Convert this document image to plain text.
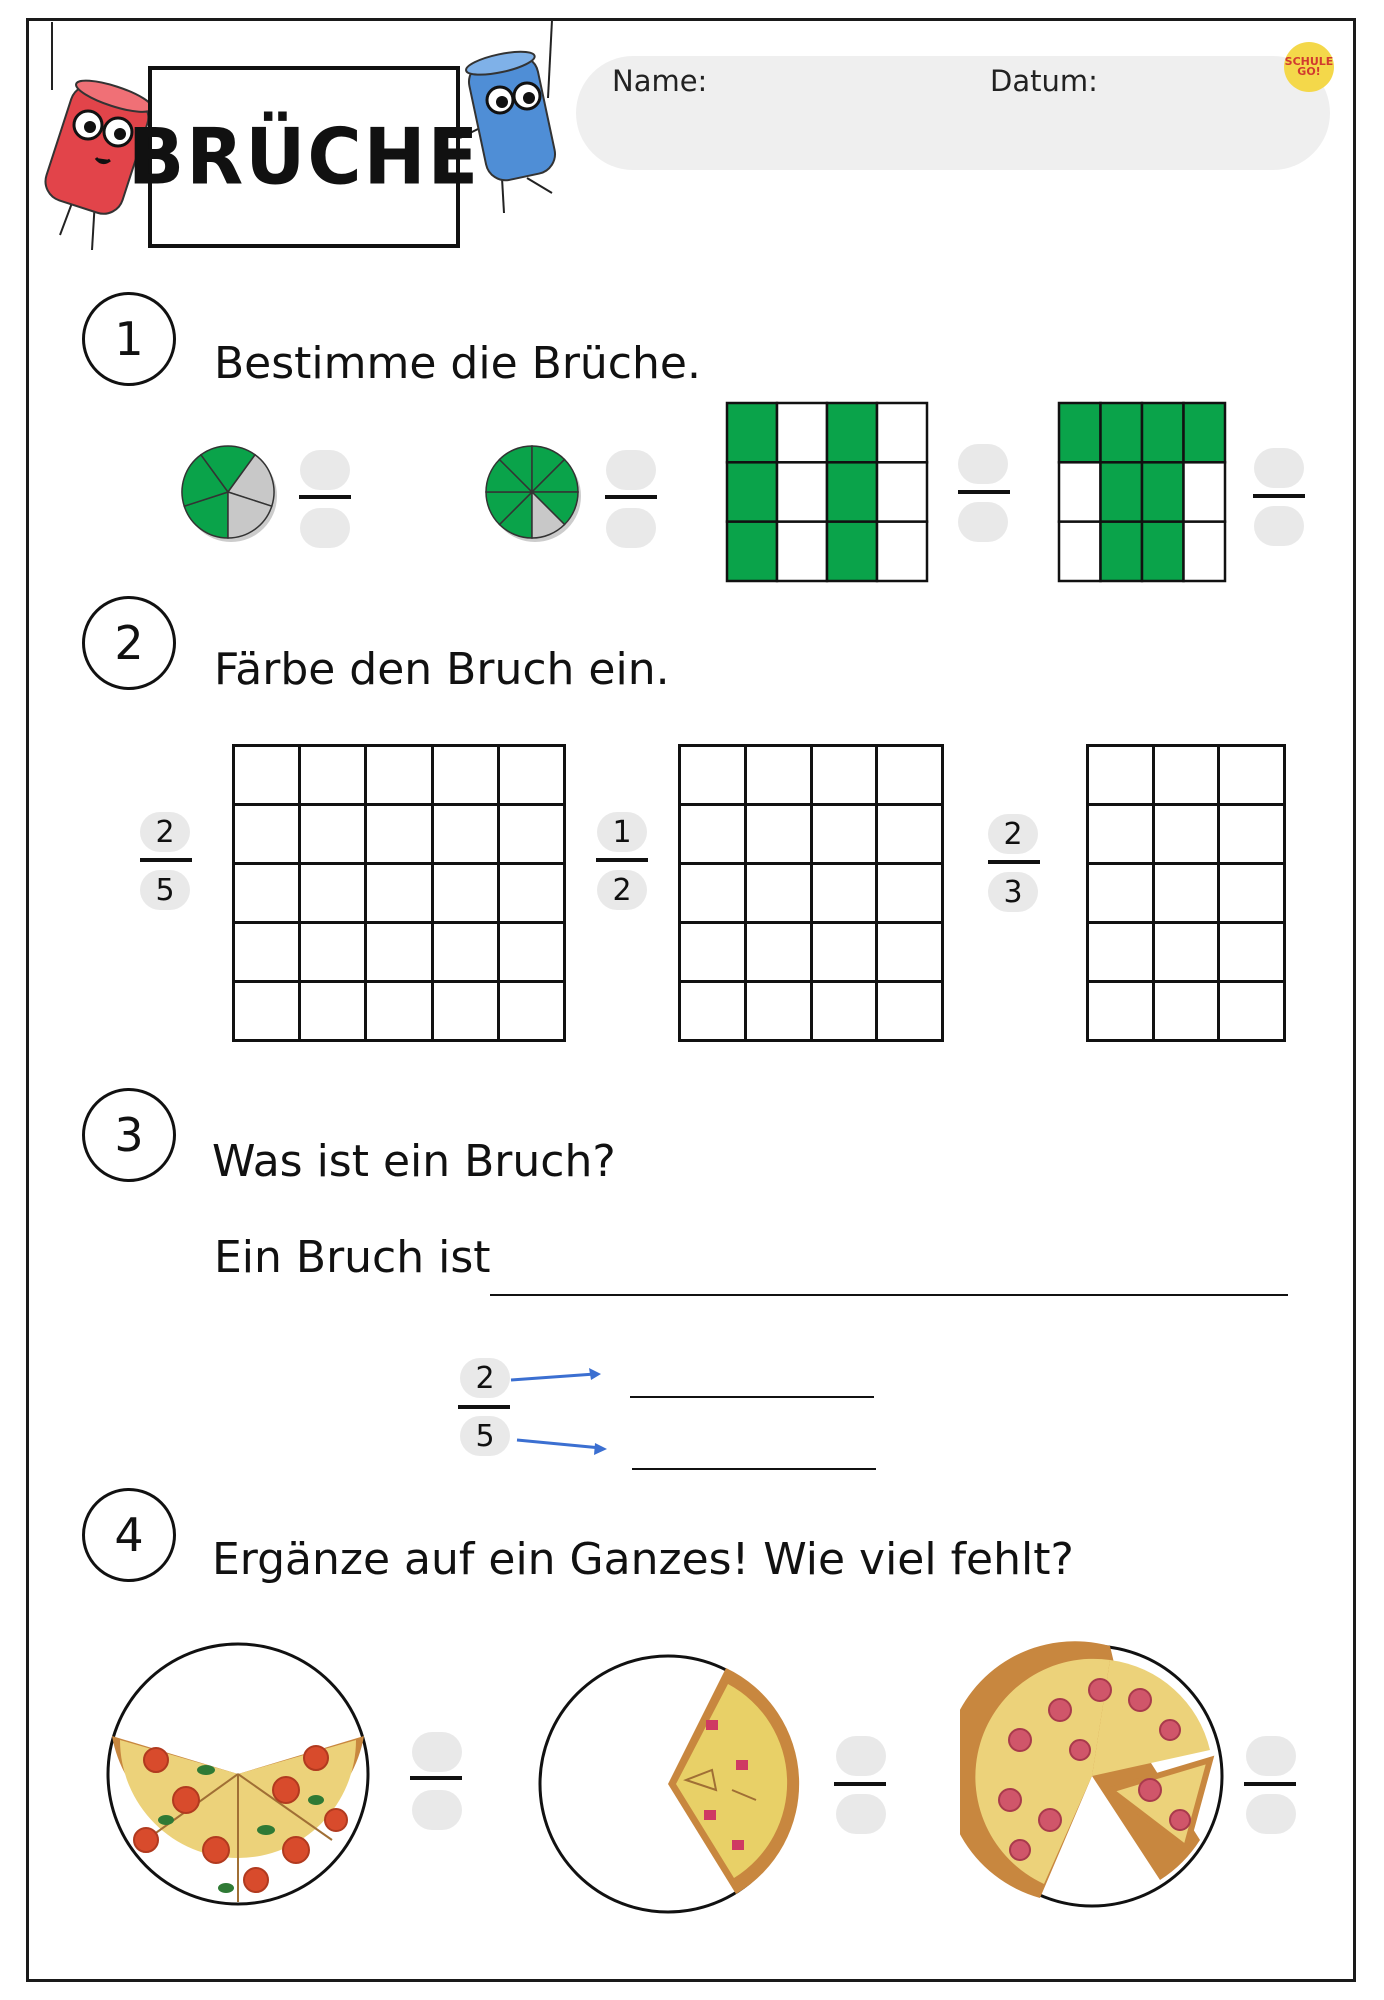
BRÜCHE
Name:	Datum:
SCHULE GO!
1 Bestimme die Brüche.
2 Färbe den Bruch ein.
2
5

1
2

2
3

3 Was ist ein Bruch?
Ein Bruch ist
2
5
4 Ergänze auf ein Ganzes! Wie viel fehlt?
